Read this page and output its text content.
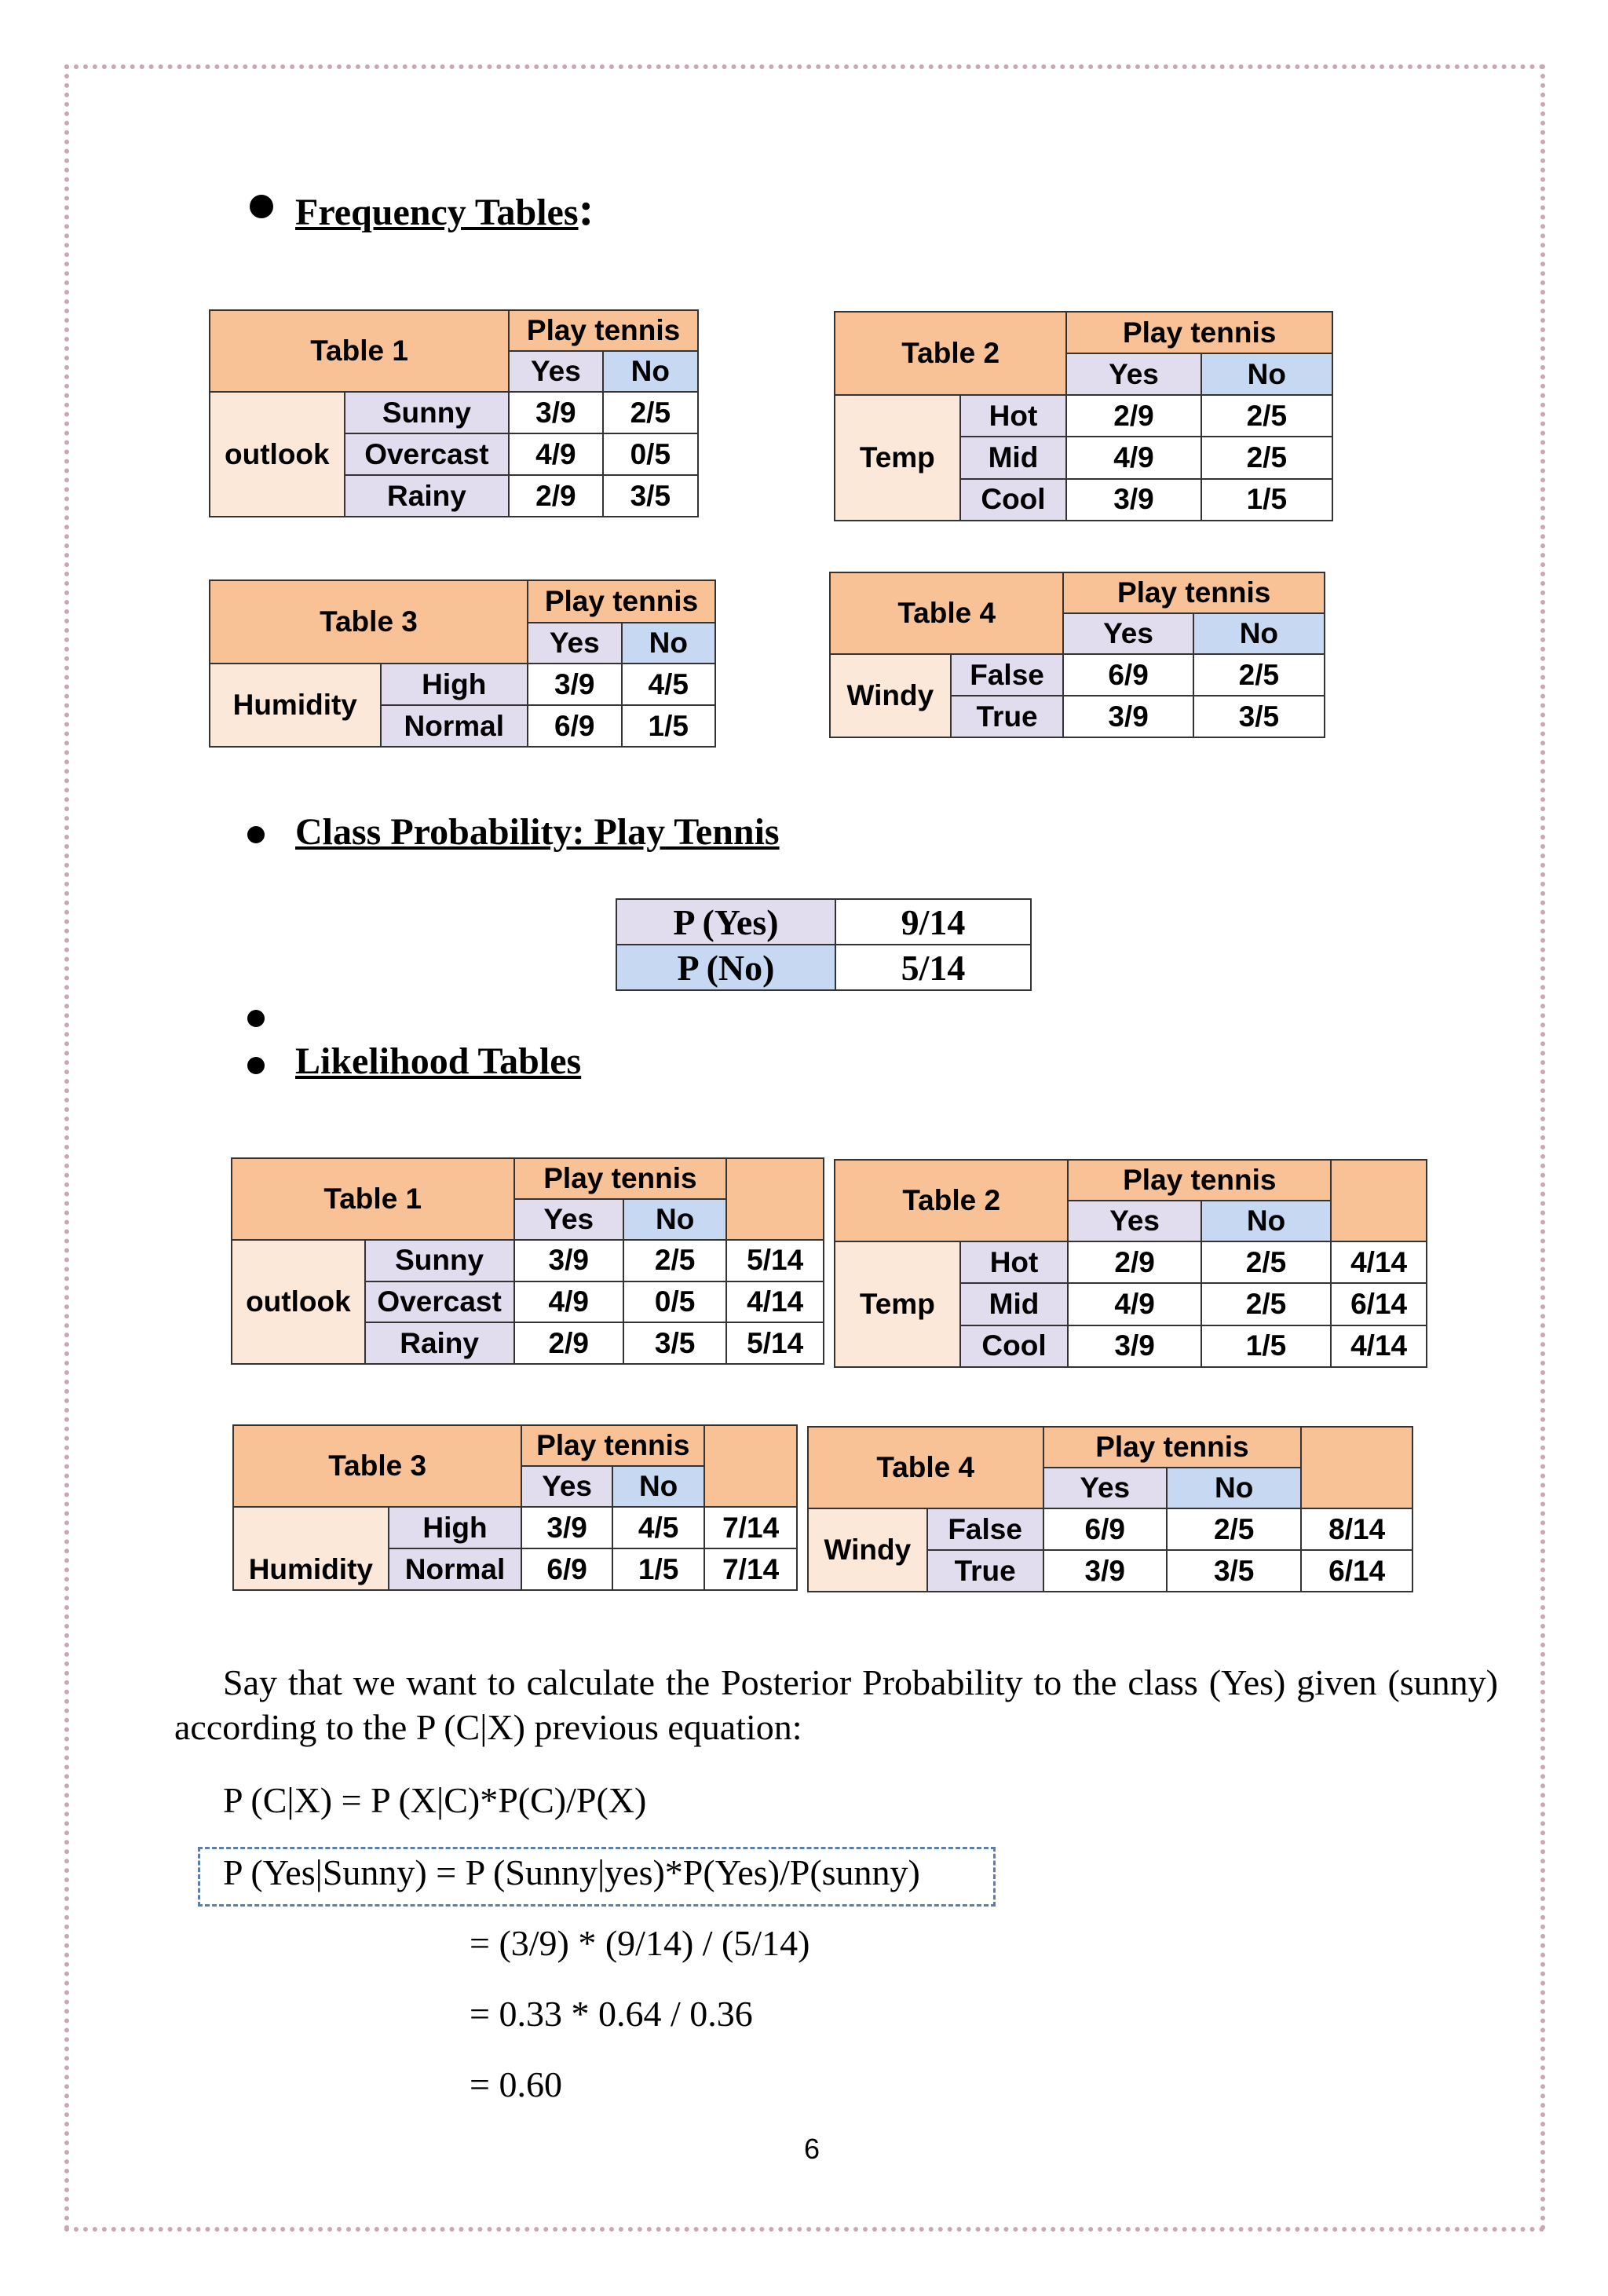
Frequency Tables:
Table 1		Play tennis	
		Yes	No
outlook	Sunny	3/9	2/5
	Overcast	4/9	0/5
	Rainy	2/9	3/5
Table 2		Play tennis	
		Yes	No
Temp	Hot	2/9	2/5
	Mid	4/9	2/5
	Cool	3/9	1/5
Table 3		Play tennis	
		Yes	No
Humidity	High	3/9	4/5
	Normal	6/9	1/5
Table 4		Play tennis	
		Yes	No
Windy	False	6/9	2/5
	True	3/9	3/5
Class Probability: Play Tennis
P (Yes)	9/14
P (No)	5/14
Likelihood Tables
Table 1		Play tennis		
		Yes	No	
outlook	Sunny	3/9	2/5	5/14
	Overcast	4/9	0/5	4/14
	Rainy	2/9	3/5	5/14
Table 2		Play tennis		
		Yes	No	
Temp	Hot	2/9	2/5	4/14
	Mid	4/9	2/5	6/14
	Cool	3/9	1/5	4/14
Table 3		Play tennis		
		Yes	No	
Humidity	High	3/9	4/5	7/14
	Normal	6/9	1/5	7/14
Table 4		Play tennis		
		Yes	No	
Windy	False	6/9	2/5	8/14
	True	3/9	3/5	6/14
Say that we want to calculate the Posterior Probability to the class (Yes) given (sunny) according to the P (C|X) previous equation:
P (C|X) = P (X|C)*P(C)/P(X)
P (Yes|Sunny) = P (Sunny|yes)*P(Yes)/P(sunny)
= (3/9) * (9/14) / (5/14)
= 0.33 * 0.64 / 0.36
= 0.60
6
